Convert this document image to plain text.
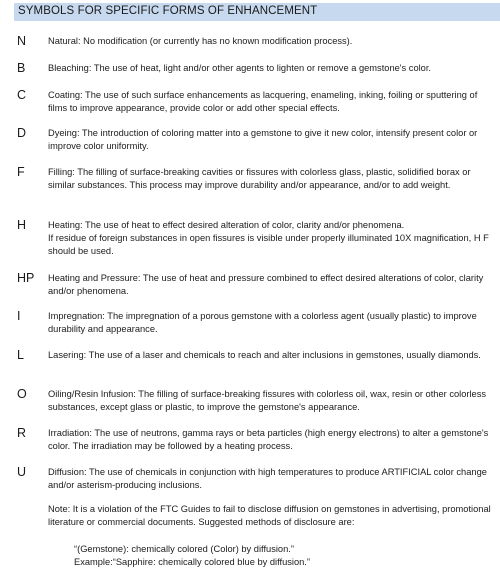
SYMBOLS FOR SPECIFIC FORMS OF ENHANCEMENT
N Natural: No modification (or currently has no known modification process).
B Bleaching: The use of heat, light and/or other agents to lighten or remove a gemstone's color.
C Coating: The use of such surface enhancements as lacquering, enameling, inking, foiling or sputtering of films to improve appearance, provide color or add other special effects.
D Dyeing: The introduction of coloring matter into a gemstone to give it new color, intensify present color or improve color uniformity.
F	Filling: The filling of surface-breaking cavities or fissures with colorless glass, plastic, solidified borax or similar substances. This process may improve durability and/or appearance, and/or to add weight.
H Heating: The use of heat to effect desired alteration of color, clarity and/or phenomena.
If residue of foreign substances in open fissures is visible under properly illuminated 10X magnification, H F should be used.
HP Heating and Pressure: The use of heat and pressure combined to effect desired alterations of color, clarity and/or phenomena.
I	Impregnation: The impregnation of a porous gemstone with a colorless agent (usually plastic) to improve durability and appearance.
L	Lasering: The use of a laser and chemicals to reach and alter inclusions in gemstones, usually diamonds.
O Oiling/Resin Infusion: The filling of surface-breaking fissures with colorless oil, wax, resin or other colorless substances, except glass or plastic, to improve the gemstone's appearance.
R Irradiation: The use of neutrons, gamma rays or beta particles (high energy electrons) to alter a gemstone's color. The irradiation may be followed by a heating process.
U Diffusion: The use of chemicals in conjunction with high temperatures to produce ARTIFICIAL color change and/or asterism-producing inclusions.
Note: It is a violation of the FTC Guides to fail to disclose diffusion on gemstones in advertising, promotional literature or commercial documents. Suggested methods of disclosure are:
“(Gemstone): chemically colored (Color) by diffusion.”
Example:“Sapphire: chemically colored blue by diffusion.”
